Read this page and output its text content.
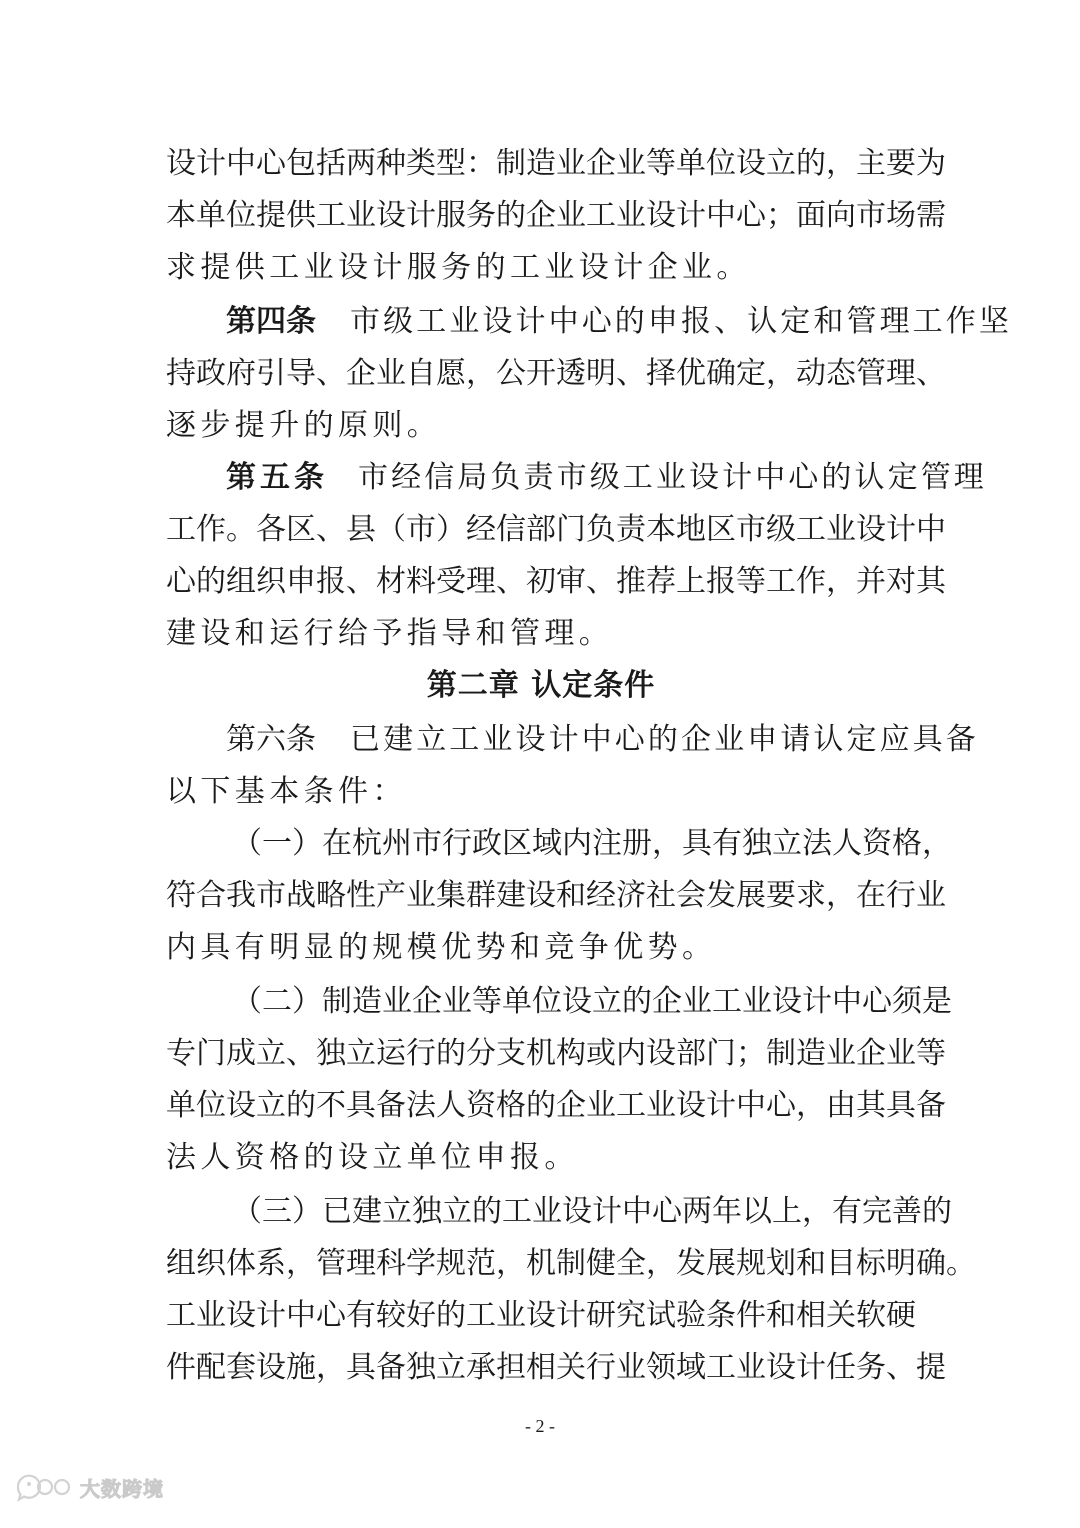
设计中心包括两种类型：制造业企业等单位设立的，主要为
本单位提供工业设计服务的企业工业设计中心；面向市场需
求提供工业设计服务的工业设计企业。
第四条 市级工业设计中心的申报、认定和管理工作坚
持政府引导、企业自愿，公开透明、择优确定，动态管理、
逐步提升的原则。
第五条 市经信局负责市级工业设计中心的认定管理
工作。各区、县（市）经信部门负责本地区市级工业设计中
心的组织申报、材料受理、初审、推荐上报等工作，并对其
建设和运行给予指导和管理。
第二章 认定条件
第六条 已建立工业设计中心的企业申请认定应具备
以下基本条件：
（一）在杭州市行政区域内注册，具有独立法人资格，
符合我市战略性产业集群建设和经济社会发展要求，在行业
内具有明显的规模优势和竞争优势。
（二）制造业企业等单位设立的企业工业设计中心须是
专门成立、独立运行的分支机构或内设部门；制造业企业等
单位设立的不具备法人资格的企业工业设计中心，由其具备
法人资格的设立单位申报。
（三）已建立独立的工业设计中心两年以上，有完善的
组织体系，管理科学规范，机制健全，发展规划和目标明确。
工业设计中心有较好的工业设计研究试验条件和相关软硬
件配套设施，具备独立承担相关行业领域工业设计任务、提
- 2 -
大数跨境
